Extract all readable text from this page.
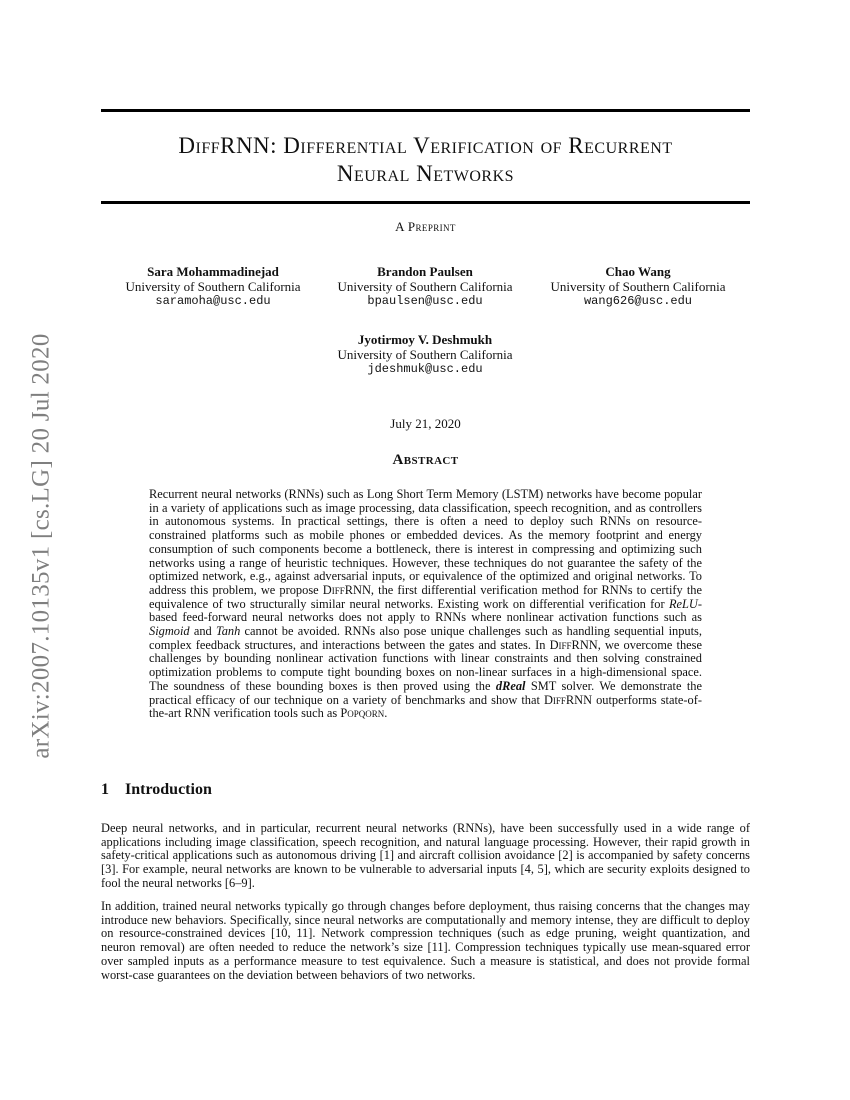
arXiv:2007.10135v1 [cs.LG] 20 Jul 2020
DiffRNN: Differential Verification of Recurrent
Neural Networks
A Preprint
Sara Mohammadinejad
University of Southern California
saramoha@usc.edu
Brandon Paulsen
University of Southern California
bpaulsen@usc.edu
Chao Wang
University of Southern California
wang626@usc.edu
Jyotirmoy V. Deshmukh
University of Southern California
jdeshmuk@usc.edu
July 21, 2020
Abstract

Recurrent neural networks (RNNs) such as Long Short Term Memory (LSTM) networks have become popular in a variety of applications such as image processing, data classification, speech recognition, and as controllers in autonomous systems. In practical settings, there is often a need to deploy such RNNs on resource-constrained platforms such as mobile phones or embedded devices. As the memory footprint and energy consumption of such components become a bottleneck, there is interest in compressing and optimizing such networks using a range of heuristic techniques. However, these techniques do not guarantee the safety of the optimized network, e.g., against adversarial inputs, or equivalence of the optimized and original networks. To address this problem, we propose DiffRNN, the first differential verification method for RNNs to certify the equivalence of two structurally similar neural networks. Existing work on differential verification for ReLU-based feed-forward neural networks does not apply to RNNs where nonlinear activation functions such as Sigmoid and Tanh cannot be avoided. RNNs also pose unique challenges such as handling sequential inputs, complex feedback structures, and interactions between the gates and states. In DiffRNN, we overcome these challenges by bounding nonlinear activation functions with linear constraints and then solving constrained optimization problems to compute tight bounding boxes on non-linear surfaces in a high-dimensional space. The soundness of these bounding boxes is then proved using the dReal SMT solver. We demonstrate the practical efficacy of our technique on a variety of benchmarks and show that DiffRNN outperforms state-of-the-art RNN verification tools such as Popqorn.

1 Introduction

Deep neural networks, and in particular, recurrent neural networks (RNNs), have been successfully used in a wide range of applications including image classification, speech recognition, and natural language processing. However, their rapid growth in safety-critical applications such as autonomous driving [1] and aircraft collision avoidance [2] is accompanied by safety concerns [3]. For example, neural networks are known to be vulnerable to adversarial inputs [4, 5], which are security exploits designed to fool the neural networks [6–9].

In addition, trained neural networks typically go through changes before deployment, thus raising concerns that the changes may introduce new behaviors. Specifically, since neural networks are computationally and memory intense, they are difficult to deploy on resource-constrained devices [10, 11]. Network compression techniques (such as edge pruning, weight quantization, and neuron removal) are often needed to reduce the network’s size [11]. Compression techniques typically use mean-squared error over sampled inputs as a performance measure to test equivalence. Such a measure is statistical, and does not provide formal worst-case guarantees on the deviation between behaviors of two networks.
